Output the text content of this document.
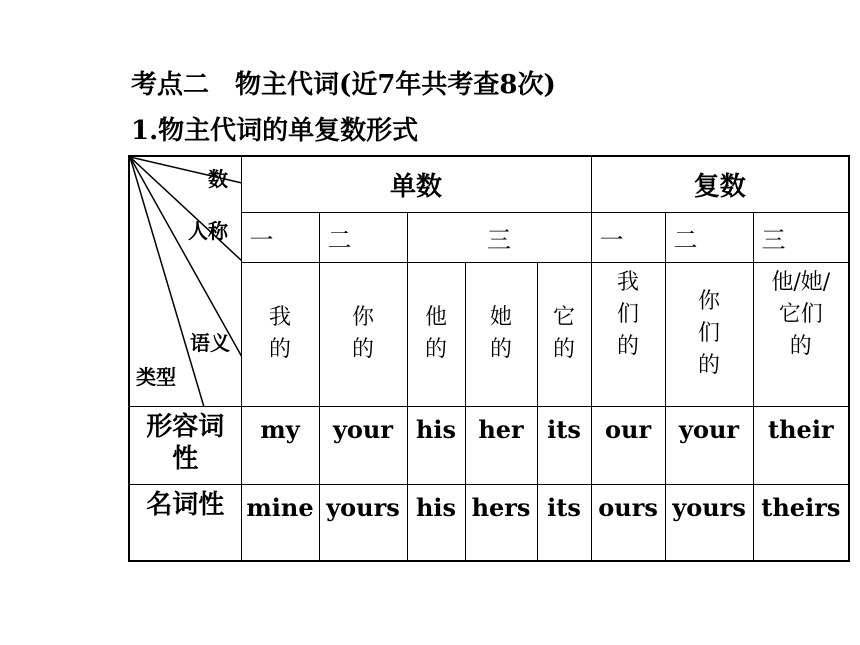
考点二 物主代词(近7年共考查8次)
1.物主代词的单复数形式
数
人称
语义
类型	单数					复数		
	一	二	三			一	二	三

	我的	你的	他的	她的	它的	我们的	你们的	他/她/
它们
的

形容词性	my	your	his	her	its	our	your	their
名词性	mine	yours	his	hers	its	ours	yours	theirs
